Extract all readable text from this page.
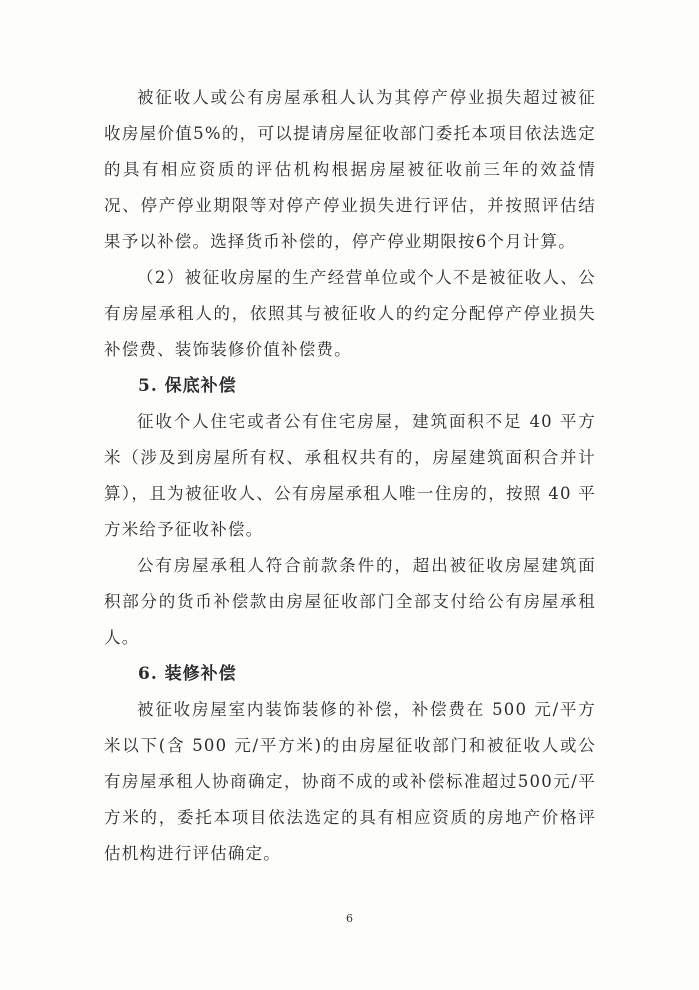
被征收人或公有房屋承租人认为其停产停业损失超过被征收房屋价值5%的，可以提请房屋征收部门委托本项目依法选定的具有相应资质的评估机构根据房屋被征收前三年的效益情况、停产停业期限等对停产停业损失进行评估，并按照评估结果予以补偿。选择货币补偿的，停产停业期限按6个月计算。

（2）被征收房屋的生产经营单位或个人不是被征收人、公有房屋承租人的，依照其与被征收人的约定分配停产停业损失补偿费、装饰装修价值补偿费。

5. 保底补偿

征收个人住宅或者公有住宅房屋，建筑面积不足 40 平方米（涉及到房屋所有权、承租权共有的，房屋建筑面积合并计算），且为被征收人、公有房屋承租人唯一住房的，按照 40 平方米给予征收补偿。

公有房屋承租人符合前款条件的，超出被征收房屋建筑面积部分的货币补偿款由房屋征收部门全部支付给公有房屋承租人。

6. 装修补偿

被征收房屋室内装饰装修的补偿，补偿费在 500 元/平方米以下(含 500 元/平方米)的由房屋征收部门和被征收人或公有房屋承租人协商确定，协商不成的或补偿标准超过500元/平方米的，委托本项目依法选定的具有相应资质的房地产价格评估机构进行评估确定。

6
